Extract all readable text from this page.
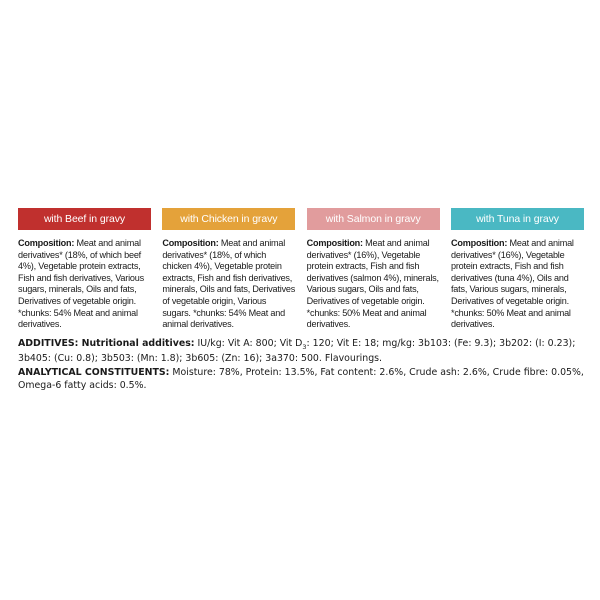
with Beef in gravy
Composition: Meat and animal derivatives* (18%, of which beef 4%), Vegetable protein extracts, Fish and fish derivatives, Various sugars, minerals, Oils and fats, Derivatives of vegetable origin. *chunks: 54% Meat and animal derivatives.
with Chicken in gravy
Composition: Meat and animal derivatives* (18%, of which chicken 4%), Vegetable protein extracts, Fish and fish derivatives, minerals, Oils and fats, Derivatives of vegetable origin, Various sugars. *chunks: 54% Meat and animal derivatives.
with Salmon in gravy
Composition: Meat and animal derivatives* (16%), Vegetable protein extracts, Fish and fish derivatives (salmon 4%), minerals, Various sugars, Oils and fats, Derivatives of vegetable origin. *chunks: 50% Meat and animal derivatives.
with Tuna in gravy
Composition: Meat and animal derivatives* (16%), Vegetable protein extracts, Fish and fish derivatives (tuna 4%), Oils and fats, Various sugars, minerals, Derivatives of vegetable origin. *chunks: 50% Meat and animal derivatives.
ADDITIVES: Nutritional additives: IU/kg: Vit A: 800; Vit $D_3$: 120; Vit E: 18; mg/kg: 3b103: (Fe: 9.3); 3b202: (I: 0.23); 3b405: (Cu: 0.8); 3b503: (Mn: 1.8); 3b605: (Zn: 16); 3a370: 500. Flavourings.
ANALYTICAL CONSTITUENTS: Moisture: 78%, Protein: 13.5%, Fat content: 2.6%, Crude ash: 2.6%, Crude fibre: 0.05%, Omega-6 fatty acids: 0.5%.
